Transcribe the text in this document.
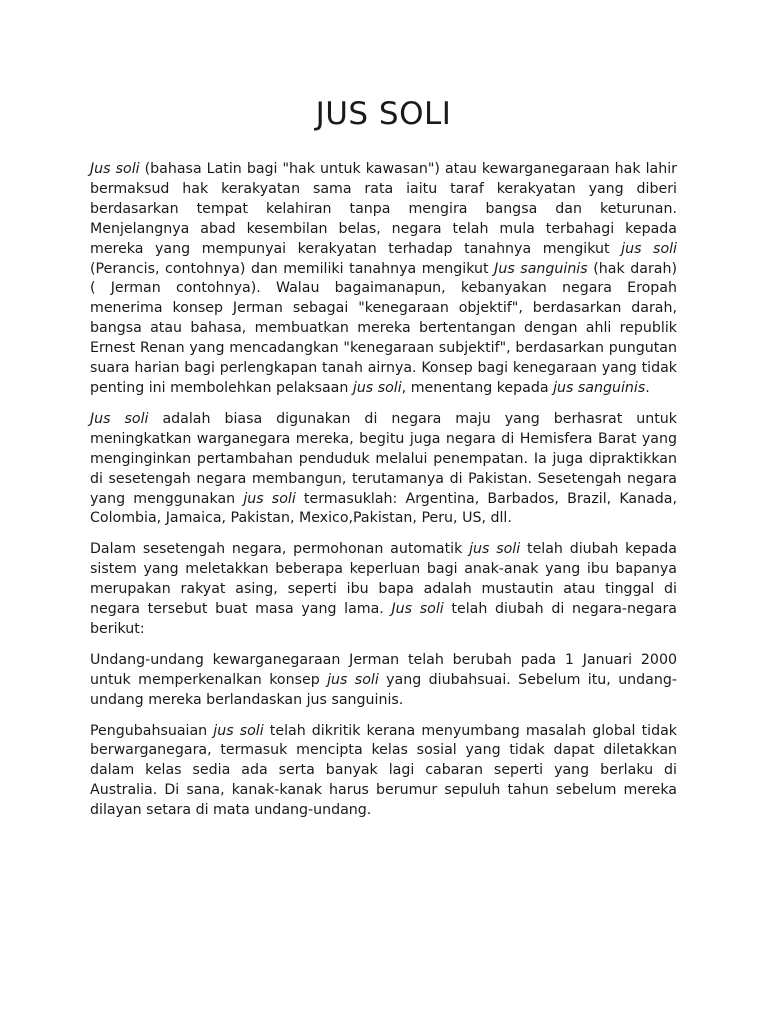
JUS SOLI

Jus soli (bahasa Latin bagi "hak untuk kawasan") atau kewarganegaraan hak lahir bermaksud hak kerakyatan sama rata iaitu taraf kerakyatan yang diberi berdasarkan tempat kelahiran tanpa mengira bangsa dan keturunan. Menjelangnya abad kesembilan belas, negara telah mula terbahagi kepada mereka yang mempunyai kerakyatan terhadap tanahnya mengikut jus soli (Perancis, contohnya) dan memiliki tanahnya mengikut Jus sanguinis (hak darah) ( Jerman contohnya). Walau bagaimanapun, kebanyakan negara Eropah menerima konsep Jerman sebagai "kenegaraan objektif", berdasarkan darah, bangsa atau bahasa, membuatkan mereka bertentangan dengan ahli republik Ernest Renan yang mencadangkan "kenegaraan subjektif", berdasarkan pungutan suara harian bagi perlengkapan tanah airnya. Konsep bagi kenegaraan yang tidak penting ini membolehkan pelaksaan jus soli, menentang kepada jus sanguinis.

Jus soli adalah biasa digunakan di negara maju yang berhasrat untuk meningkatkan warganegara mereka, begitu juga negara di Hemisfera Barat yang menginginkan pertambahan penduduk melalui penempatan. Ia juga dipraktikkan di sesetengah negara membangun, terutamanya di Pakistan. Sesetengah negara yang menggunakan jus soli termasuklah: Argentina, Barbados, Brazil, Kanada, Colombia, Jamaica, Pakistan, Mexico,Pakistan, Peru, US, dll.

Dalam sesetengah negara, permohonan automatik jus soli telah diubah kepada sistem yang meletakkan beberapa keperluan bagi anak-anak yang ibu bapanya merupakan rakyat asing, seperti ibu bapa adalah mustautin atau tinggal di negara tersebut buat masa yang lama. Jus soli telah diubah di negara-negara berikut:

Undang-undang kewarganegaraan Jerman telah berubah pada 1 Januari 2000 untuk memperkenalkan konsep jus soli yang diubahsuai. Sebelum itu, undang-undang mereka berlandaskan jus sanguinis.

Pengubahsuaian jus soli telah dikritik kerana menyumbang masalah global tidak berwarganegara, termasuk mencipta kelas sosial yang tidak dapat diletakkan dalam kelas sedia ada serta banyak lagi cabaran seperti yang berlaku di Australia. Di sana, kanak-kanak harus berumur sepuluh tahun sebelum mereka dilayan setara di mata undang-undang.
